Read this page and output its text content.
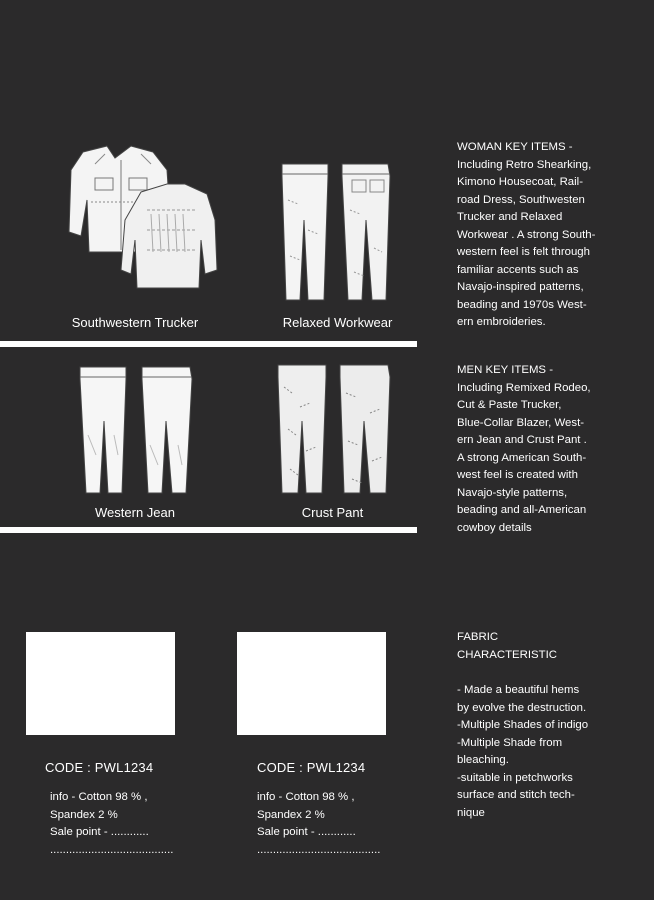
Southwestern Trucker	Relaxed Workwear
Western Jean	Crust Pant
WOMAN KEY ITEMS -
Including Retro Shearking,
Kimono Housecoat, Rail-
road Dress, Southwesten
Trucker and Relaxed
Workwear . A strong South-
western feel is felt through
familiar accents such as
Navajo-inspired patterns,
beading and 1970s West-
ern embroideries.
MEN KEY ITEMS -
Including Remixed Rodeo,
Cut & Paste Trucker,
Blue-Collar Blazer, West-
ern Jean and Crust Pant .
A strong American South-
west feel is created with
Navajo-style patterns,
beading and all-American
cowboy details
FABRIC
CHARACTERISTIC
- Made a beautiful hems
by evolve the destruction.
-Multiple Shades of indigo
-Multiple Shade from
bleaching.
-suitable in petchworks
surface and stitch tech-
nique
CODE : PWL1234	CODE : PWL1234
info - Cotton 98 % ,
Spandex 2 %
Sale point - ............
.......................................
info - Cotton 98 % ,
Spandex 2 %
Sale point - ............
.......................................
